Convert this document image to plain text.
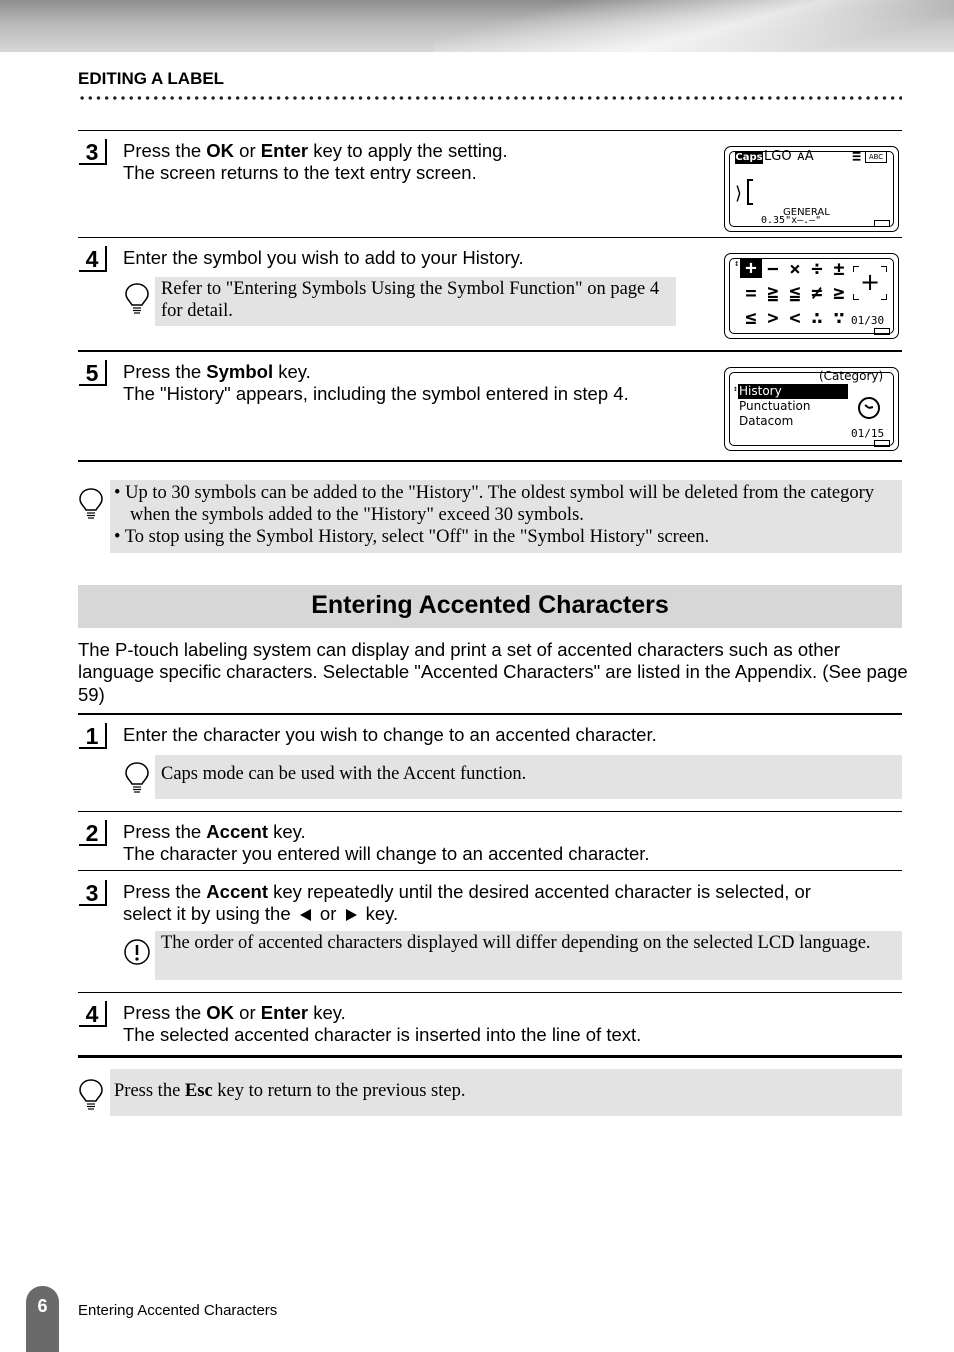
EDITING A LABEL
3	Press the OK or Enter key to apply the setting.
The screen returns to the text entry screen.
Caps LGO ᴀA	≡	ABC
⟩
GENERAL
0.35"x—.—"
4	Enter the symbol you wish to add to your History.
Refer to "Entering Symbols Using the Symbol Function" on page 4 for detail.
↕ + − × ÷ ±
= ≧ ≦ ≠ ≥
≤ > < ∴ ∵
+
01/30
5	Press the Symbol key.
The "History" appears, including the symbol entered in step 4.
(Category)
↕ History
Punctuation
Datacom
01/15
• Up to 30 symbols can be added to the "History". The oldest symbol will be deleted from the category when the symbols added to the "History" exceed 30 symbols.
• To stop using the Symbol History, select "Off" in the "Symbol History" screen.
Entering Accented Characters
The P-touch labeling system can display and print a set of accented characters such as other language specific characters. Selectable "Accented Characters" are listed in the Appendix. (See page 59)
1	Enter the character you wish to change to an accented character.
Caps mode can be used with the Accent function.
2	Press the Accent key.
The character you entered will change to an accented character.
3	Press the Accent key repeatedly until the desired accented character is selected, or
select it by using the  or  key.
The order of accented characters displayed will differ depending on the selected LCD language.
4	Press the OK or Enter key.
The selected accented character is inserted into the line of text.
Press the Esc key to return to the previous step.
6	Entering Accented Characters
